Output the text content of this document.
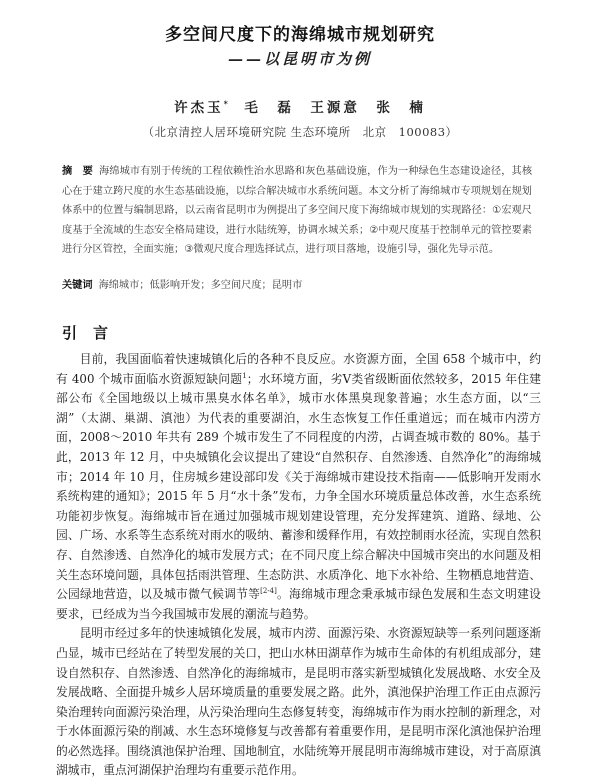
多空间尺度下的海绵城市规划研究
——以昆明市为例
许杰玉*　 毛　磊　王源意　张　楠
（北京清控人居环境研究院 生态环境所　北京　100083）
摘　要 海绵城市有别于传统的工程依赖性治水思路和灰色基础设施，作为一种绿色生态建设途径，其核心在于建立跨尺度的水生态基础设施，以综合解决城市水系统问题。本文分析了海绵城市专项规划在规划体系中的位置与编制思路，以云南省昆明市为例提出了多空间尺度下海绵城市规划的实现路径：①宏观尺度基于全流域的生态安全格局建设，进行水陆统筹，协调水城关系；②中观尺度基于控制单元的管控要素进行分区管控，全面实施；③微观尺度合理选择试点，进行项目落地，设施引导，强化先导示范。
关键词 海绵城市；低影响开发；多空间尺度；昆明市
引言

目前，我国面临着快速城镇化后的各种不良反应。水资源方面，全国 658 个城市中，约有 400 个城市面临水资源短缺问题$^1$；水环境方面，劣Ⅴ类省级断面依然较多，2015 年住建部公布《全国地级以上城市黑臭水体名单》，城市水体黑臭现象普遍；水生态方面，以“三湖”（太湖、巢湖、滇池）为代表的重要湖泊，水生态恢复工作任重道远；而在城市内涝方面，2008～2010 年共有 289 个城市发生了不同程度的内涝，占调查城市数的 80%。基于此，2013 年 12 月，中央城镇化会议提出了建设“自然积存、自然渗透、自然净化”的海绵城市；2014 年 10 月，住房城乡建设部印发《关于海绵城市建设技术指南——低影响开发雨水系统构建的通知》；2015 年 5 月“水十条”发布，力争全国水环境质量总体改善，水生态系统功能初步恢复。海绵城市旨在通过加强城市规划建设管理，充分发挥建筑、道路、绿地、公园、广场、水系等生态系统对雨水的吸纳、蓄渗和缓释作用，有效控制雨水径流，实现自然积存、自然渗透、自然净化的城市发展方式；在不同尺度上综合解决中国城市突出的水问题及相关生态环境问题，具体包括雨洪管理、生态防洪、水质净化、地下水补给、生物栖息地营造、公园绿地营造，以及城市微气候调节等[2-4]。海绵城市理念秉承城市绿色发展和生态文明建设要求，已经成为当今我国城市发展的潮流与趋势。

昆明市经过多年的快速城镇化发展，城市内涝、面源污染、水资源短缺等一系列问题逐渐凸显，城市已经站在了转型发展的关口，把山水林田湖草作为城市生命体的有机组成部分，建设自然积存、自然渗透、自然净化的海绵城市，是昆明市落实新型城镇化发展战略、水安全及发展战略、全面提升城乡人居环境质量的重要发展之路。此外，滇池保护治理工作正由点源污染治理转向面源污染治理，从污染治理向生态修复转变，海绵城市作为雨水控制的新理念，对于水体面源污染的削减、水生态环境修复与改善都有着重要作用，是昆明市深化滇池保护治理的必然选择。围绕滇池保护治理、国地制宜，水陆统筹开展昆明市海绵城市建设，对于高原滇湖城市，重点河湖保护治理均有重要示范作用。
